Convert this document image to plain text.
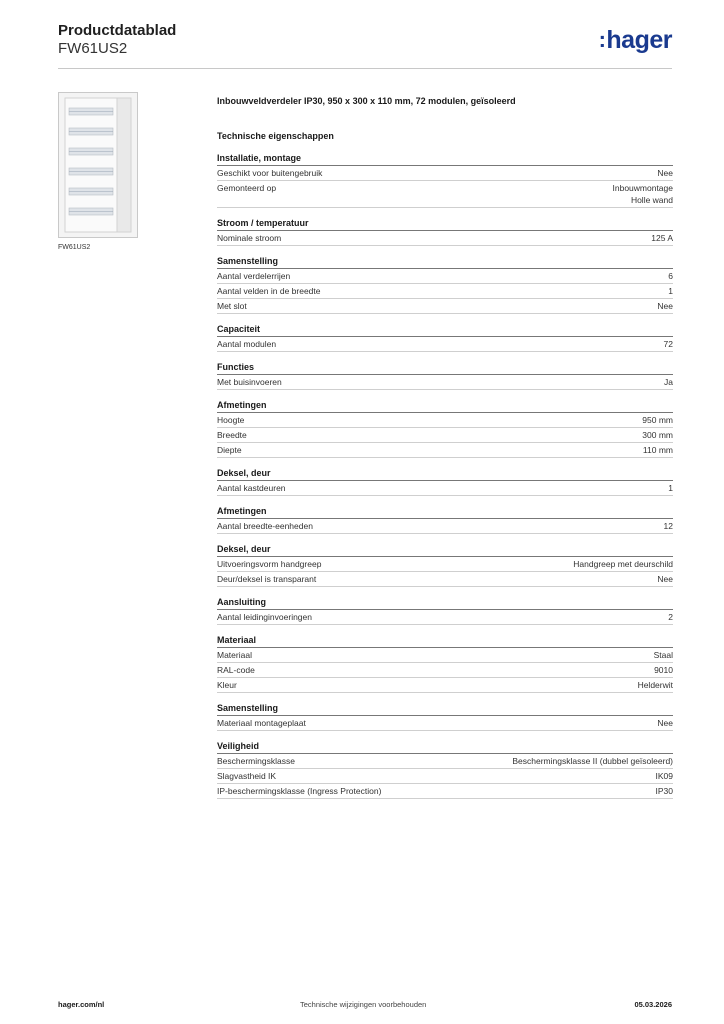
Productdatablad
FW61US2	:hager
FW61US2
Inbouwveldverdeler IP30, 950 x 300 x 110 mm, 72 modulen, geïsoleerd
Technische eigenschappen
Installatie, montage
Geschikt voor buitengebruik	Nee
Gemonteerd op	Inbouwmontage
Holle wand
Stroom / temperatuur
Nominale stroom	125 A
Samenstelling
Aantal verdelerrijen	6
Aantal velden in de breedte	1
Met slot	Nee
Capaciteit
Aantal modulen	72
Functies
Met buisinvoeren	Ja
Afmetingen
Hoogte	950 mm
Breedte	300 mm
Diepte	110 mm
Deksel, deur
Aantal kastdeuren	1
Afmetingen
Aantal breedte-eenheden	12
Deksel, deur
Uitvoeringsvorm handgreep	Handgreep met deurschild
Deur/deksel is transparant	Nee
Aansluiting
Aantal leidinginvoeringen	2
Materiaal
Materiaal	Staal
RAL-code	9010
Kleur	Helderwit
Samenstelling
Materiaal montageplaat	Nee
Veiligheid
Beschermingsklasse	Beschermingsklasse II (dubbel geïsoleerd)
Slagvastheid IK	IK09
IP-beschermingsklasse (Ingress Protection)	IP30
hager.com/nl	Technische wijzigingen voorbehouden	05.03.2026
